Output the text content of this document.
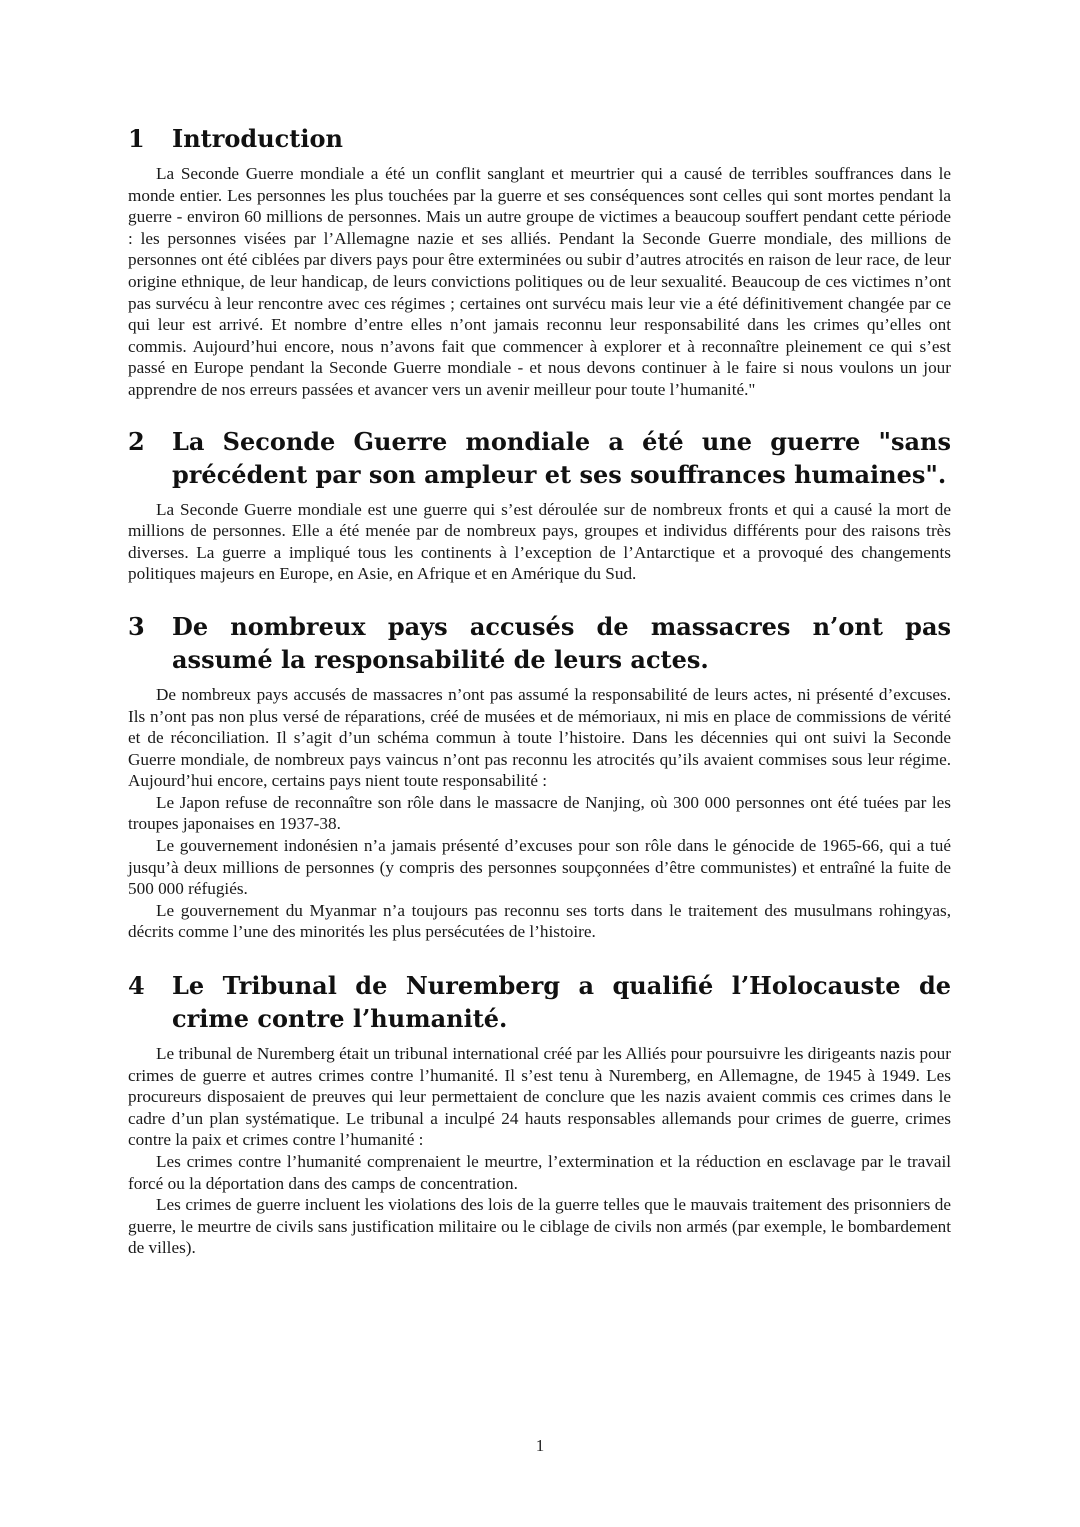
1	Introduction

La Seconde Guerre mondiale a été un conflit sanglant et meurtrier qui a causé de terribles souffrances dans le monde entier. Les personnes les plus touchées par la guerre et ses conséquences sont celles qui sont mortes pendant la guerre - environ 60 millions de personnes. Mais un autre groupe de victimes a beaucoup souffert pendant cette période : les personnes visées par l’Allemagne nazie et ses alliés. Pendant la Seconde Guerre mondiale, des millions de personnes ont été ciblées par divers pays pour être exterminées ou subir d’autres atrocités en raison de leur race, de leur origine ethnique, de leur handicap, de leurs convictions politiques ou de leur sexualité. Beaucoup de ces victimes n’ont pas survécu à leur rencontre avec ces régimes ; certaines ont survécu mais leur vie a été définitivement changée par ce qui leur est arrivé. Et nombre d’entre elles n’ont jamais reconnu leur responsabilité dans les crimes qu’elles ont commis. Aujourd’hui encore, nous n’avons fait que commencer à explorer et à reconnaître pleinement ce qui s’est passé en Europe pendant la Seconde Guerre mondiale - et nous devons continuer à le faire si nous voulons un jour apprendre de nos erreurs passées et avancer vers un avenir meilleur pour toute l’humanité."

2	La Seconde Guerre mondiale a été une guerre "sans précédent par son ampleur et ses souffrances humaines".

La Seconde Guerre mondiale est une guerre qui s’est déroulée sur de nombreux fronts et qui a causé la mort de millions de personnes. Elle a été menée par de nombreux pays, groupes et individus différents pour des raisons très diverses. La guerre a impliqué tous les continents à l’exception de l’Antarctique et a provoqué des changements politiques majeurs en Europe, en Asie, en Afrique et en Amérique du Sud.

3	De nombreux pays accusés de massacres n’ont pas assumé la responsabilité de leurs actes.

De nombreux pays accusés de massacres n’ont pas assumé la responsabilité de leurs actes, ni présenté d’excuses. Ils n’ont pas non plus versé de réparations, créé de musées et de mémoriaux, ni mis en place de commissions de vérité et de réconciliation. Il s’agit d’un schéma commun à toute l’histoire. Dans les décennies qui ont suivi la Seconde Guerre mondiale, de nombreux pays vaincus n’ont pas reconnu les atrocités qu’ils avaient commises sous leur régime. Aujourd’hui encore, certains pays nient toute responsabilité :

Le Japon refuse de reconnaître son rôle dans le massacre de Nanjing, où 300 000 personnes ont été tuées par les troupes japonaises en 1937-38.

Le gouvernement indonésien n’a jamais présenté d’excuses pour son rôle dans le génocide de 1965-66, qui a tué jusqu’à deux millions de personnes (y compris des personnes soupçonnées d’être communistes) et entraîné la fuite de 500 000 réfugiés.

Le gouvernement du Myanmar n’a toujours pas reconnu ses torts dans le traitement des musulmans rohingyas, décrits comme l’une des minorités les plus persécutées de l’histoire.

4	Le Tribunal de Nuremberg a qualifié l’Holocauste de crime contre l’humanité.

Le tribunal de Nuremberg était un tribunal international créé par les Alliés pour poursuivre les dirigeants nazis pour crimes de guerre et autres crimes contre l’humanité. Il s’est tenu à Nuremberg, en Allemagne, de 1945 à 1949. Les procureurs disposaient de preuves qui leur permettaient de conclure que les nazis avaient commis ces crimes dans le cadre d’un plan systématique. Le tribunal a inculpé 24 hauts responsables allemands pour crimes de guerre, crimes contre la paix et crimes contre l’humanité :

Les crimes contre l’humanité comprenaient le meurtre, l’extermination et la réduction en esclavage par le travail forcé ou la déportation dans des camps de concentration.

Les crimes de guerre incluent les violations des lois de la guerre telles que le mauvais traitement des prisonniers de guerre, le meurtre de civils sans justification militaire ou le ciblage de civils non armés (par exemple, le bombardement de villes).

1
